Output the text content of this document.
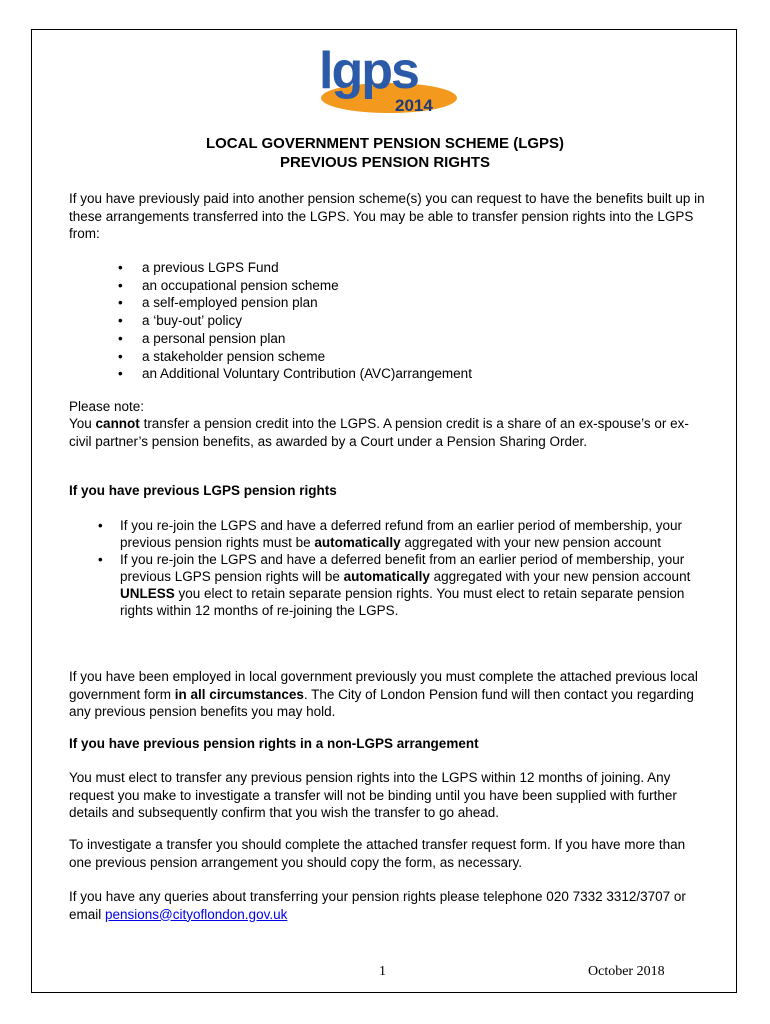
lgps
2014
LOCAL GOVERNMENT PENSION SCHEME (LGPS)
PREVIOUS PENSION RIGHTS

If you have previously paid into another pension scheme(s) you can request to have the benefits built up in these arrangements transferred into the LGPS. You may be able to transfer pension rights into the LGPS from:

• a previous LGPS Fund
• an occupational pension scheme
• a self-employed pension plan
• a ‘buy-out’ policy
• a personal pension plan
• a stakeholder pension scheme
• an Additional Voluntary Contribution (AVC)arrangement

Please note:

You cannot transfer a pension credit into the LGPS. A pension credit is a share of an ex-spouse’s or ex-civil partner’s pension benefits, as awarded by a Court under a Pension Sharing Order.

If you have previous LGPS pension rights
• If you re-join the LGPS and have a deferred refund from an earlier period of membership, your previous pension rights must be automatically aggregated with your new pension account
• If you re-join the LGPS and have a deferred benefit from an earlier period of membership, your previous LGPS pension rights will be automatically aggregated with your new pension account UNLESS you elect to retain separate pension rights. You must elect to retain separate pension rights within 12 months of re-joining the LGPS.

If you have been employed in local government previously you must complete the attached previous local government form in all circumstances. The City of London Pension fund will then contact you regarding any previous pension benefits you may hold.

If you have previous pension rights in a non-LGPS arrangement

You must elect to transfer any previous pension rights into the LGPS within 12 months of joining. Any request you make to investigate a transfer will not be binding until you have been supplied with further details and subsequently confirm that you wish the transfer to go ahead.

To investigate a transfer you should complete the attached transfer request form. If you have more than one previous pension arrangement you should copy the form, as necessary.

If you have any queries about transferring your pension rights please telephone 020 7332 3312/3707 or email pensions@cityoflondon.gov.uk

1	October 2018
